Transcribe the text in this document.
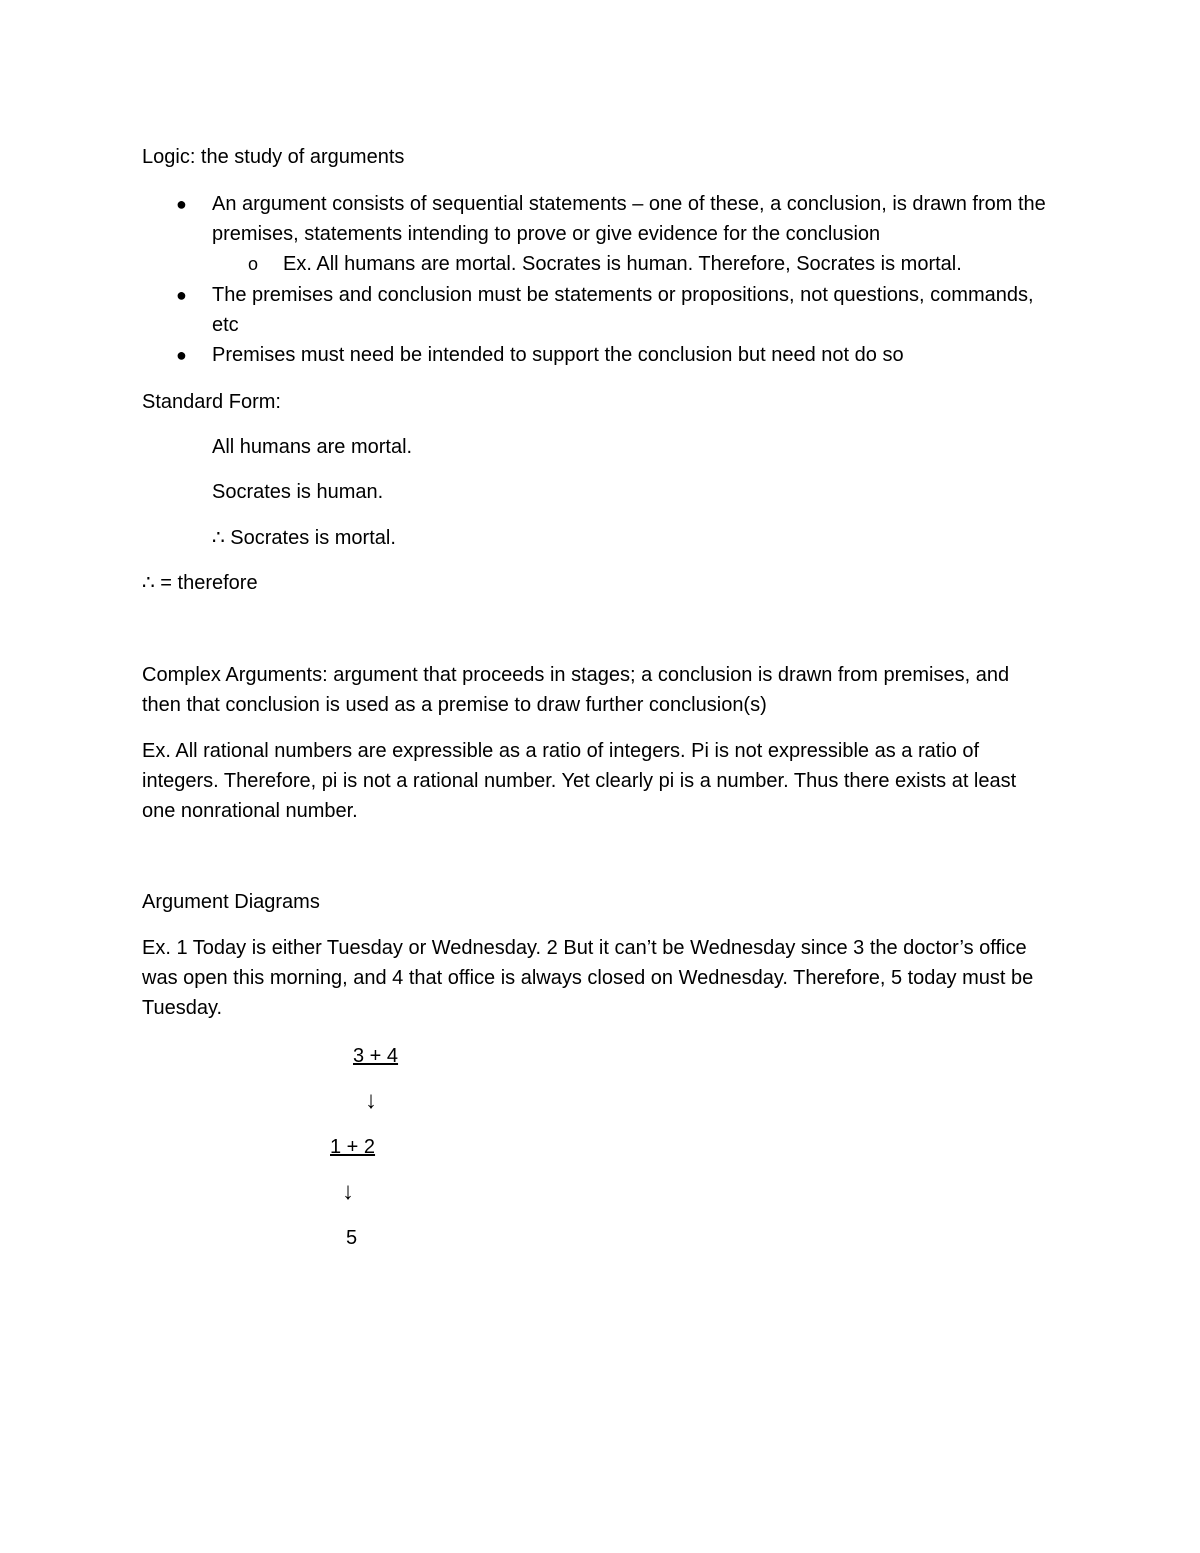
Logic: the study of arguments
● An argument consists of sequential statements – one of these, a conclusion, is drawn from the premises, statements intending to prove or give evidence for the conclusion
o Ex. All humans are mortal. Socrates is human. Therefore, Socrates is mortal.
● The premises and conclusion must be statements or propositions, not questions, commands, etc
● Premises must need be intended to support the conclusion but need not do so
Standard Form:
All humans are mortal.
Socrates is human.
∴ Socrates is mortal.
∴ = therefore
Complex Arguments: argument that proceeds in stages; a conclusion is drawn from premises, and then that conclusion is used as a premise to draw further conclusion(s)
Ex. All rational numbers are expressible as a ratio of integers. Pi is not expressible as a ratio of integers. Therefore, pi is not a rational number. Yet clearly pi is a number. Thus there exists at least one nonrational number.
Argument Diagrams
Ex. 1 Today is either Tuesday or Wednesday. 2 But it can’t be Wednesday since 3 the doctor’s office was open this morning, and 4 that office is always closed on Wednesday. Therefore, 5 today must be Tuesday.
3 + 4
↓
1 + 2
↓
5
